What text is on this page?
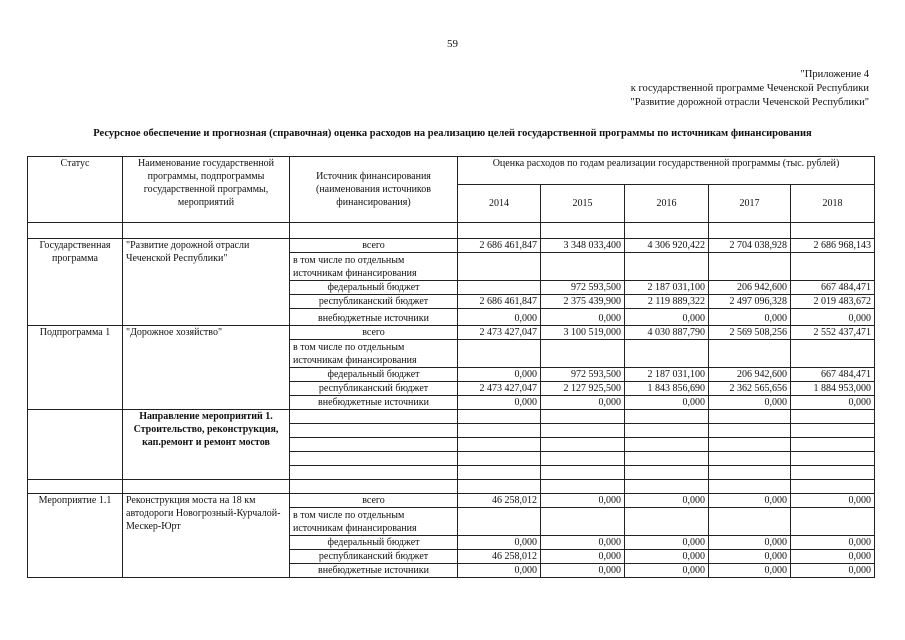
59
"Приложение 4
к государственной программе Чеченской Республики
"Развитие дорожной отрасли Чеченской Республики"
Ресурсное обеспечение и прогнозная (справочная) оценка расходов на реализацию целей государственной программы по источникам финансирования
Статус	Наименование государственной программы, подпрограммы государственной программы, мероприятий	Источник финансирования (наименования источников финансирования)	Оценка расходов по годам реализации государственной программы (тыс. рублей)				
			2014	2015	2016	2017	2018

Государственная программа	"Развитие дорожной отрасли Чеченской Республики"	всего	2 686 461,847	3 348 033,400	4 306 920,422	2 704 038,928	2 686 968,143
		в том числе по отдельным источникам финансирования					
		федеральный бюджет		972 593,500	2 187 031,100	206 942,600	667 484,471
		республиканский бюджет	2 686 461,847	2 375 439,900	2 119 889,322	2 497 096,328	2 019 483,672
		внебюджетные источники	0,000	0,000	0,000	0,000	0,000
Подпрограмма 1	"Дорожное хозяйство"	всего	2 473 427,047	3 100 519,000	4 030 887,790	2 569 508,256	2 552 437,471
		в том числе по отдельным источникам финансирования					
		федеральный бюджет	0,000	972 593,500	2 187 031,100	206 942,600	667 484,471
		республиканский бюджет	2 473 427,047	2 127 925,500	1 843 856,690	2 362 565,656	1 884 953,000
		внебюджетные источники	0,000	0,000	0,000	0,000	0,000
	Направление мероприятий 1. Строительство, реконструкция, кап.ремонт и ремонт мостов						

Мероприятие 1.1	Реконструкция моста на 18 км автодороги Новогрозный-Курчалой-Мескер-Юрт	всего	46 258,012	0,000	0,000	0,000	0,000
		в том числе по отдельным источникам финансирования					
		федеральный бюджет	0,000	0,000	0,000	0,000	0,000
		республиканский бюджет	46 258,012	0,000	0,000	0,000	0,000
		внебюджетные источники	0,000	0,000	0,000	0,000	0,000
